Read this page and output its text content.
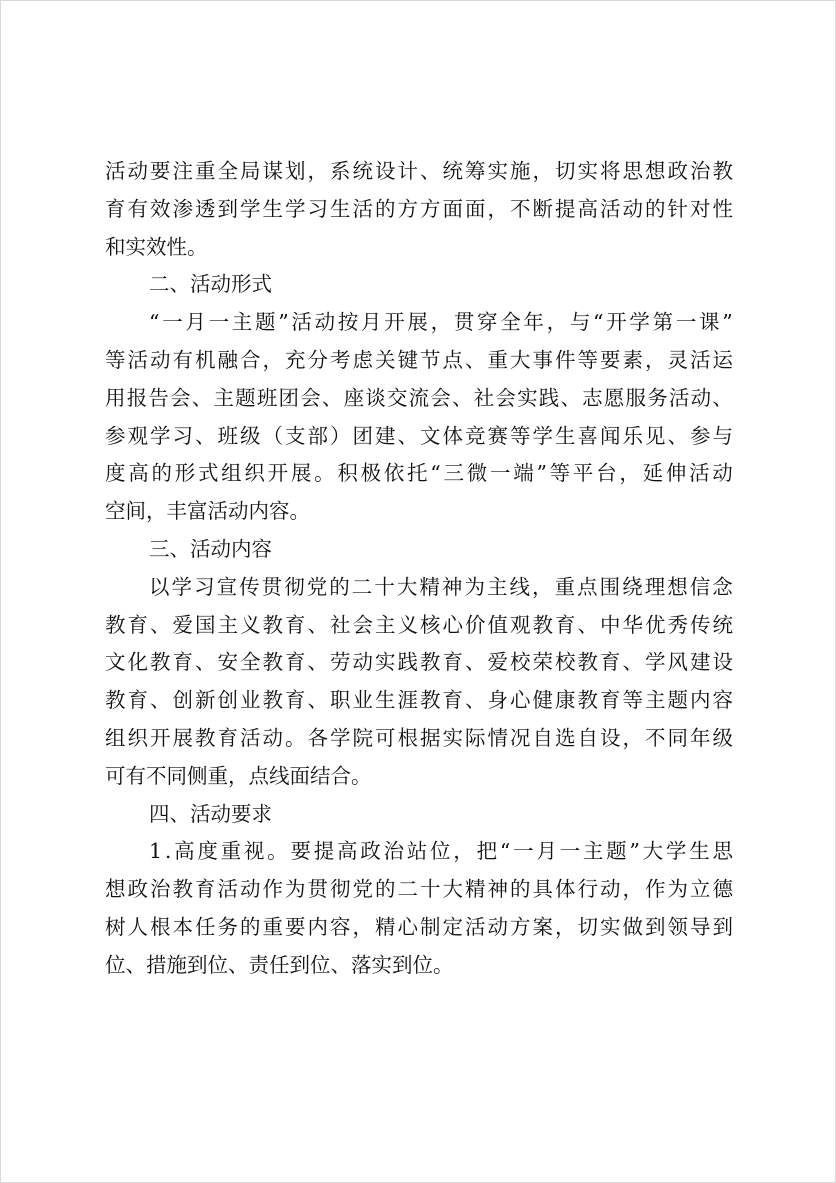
活 动 要 注 重 全 局 谋 划 ， 系 统 设 计 、 统 筹 实 施 ， 切 实 将 思 想 政 治 教
育 有 效 渗 透 到 学 生 学 习 生 活 的 方 方 面 面 ， 不 断 提 高 活 动 的 针 对 性
和 实 效 性 。
二 、 活 动 形 式
“ 一 月 一 主 题 ” 活 动 按 月 开 展 ， 贯 穿 全 年 ， 与 “ 开 学 第 一 课 ”
等 活 动 有 机 融 合 ， 充 分 考 虑 关 键 节 点 、 重 大 事 件 等 要 素 ， 灵 活 运
用 报 告 会 、 主 题 班 团 会 、 座 谈 交 流 会 、 社 会 实 践 、 志 愿 服 务 活 动 、
参 观 学 习 、 班 级 （ 支 部 ） 团 建 、 文 体 竞 赛 等 学 生 喜 闻 乐 见 、 参 与
度 高 的 形 式 组 织 开 展 。 积 极 依 托 “ 三 微 一 端 ” 等 平 台 ， 延 伸 活 动
空 间 ， 丰 富 活 动 内 容 。
三 、 活 动 内 容
以 学 习 宣 传 贯 彻 党 的 二 十 大 精 神 为 主 线 ， 重 点 围 绕 理 想 信 念
教 育 、 爱 国 主 义 教 育 、 社 会 主 义 核 心 价 值 观 教 育 、 中 华 优 秀 传 统
文 化 教 育 、 安 全 教 育 、 劳 动 实 践 教 育 、 爱 校 荣 校 教 育 、 学 风 建 设
教 育 、 创 新 创 业 教 育 、 职 业 生 涯 教 育 、 身 心 健 康 教 育 等 主 题 内 容
组 织 开 展 教 育 活 动 。 各 学 院 可 根 据 实 际 情 况 自 选 自 设 ， 不 同 年 级
可 有 不 同 侧 重 ， 点 线 面 结 合 。
四 、 活 动 要 求
1 . 高 度 重 视 。 要 提 高 政 治 站 位 ， 把 “ 一 月 一 主 题 ” 大 学 生 思
想 政 治 教 育 活 动 作 为 贯 彻 党 的 二 十 大 精 神 的 具 体 行 动 ， 作 为 立 德
树 人 根 本 任 务 的 重 要 内 容 ， 精 心 制 定 活 动 方 案 ， 切 实 做 到 领 导 到
位 、 措 施 到 位 、 责 任 到 位 、 落 实 到 位 。
